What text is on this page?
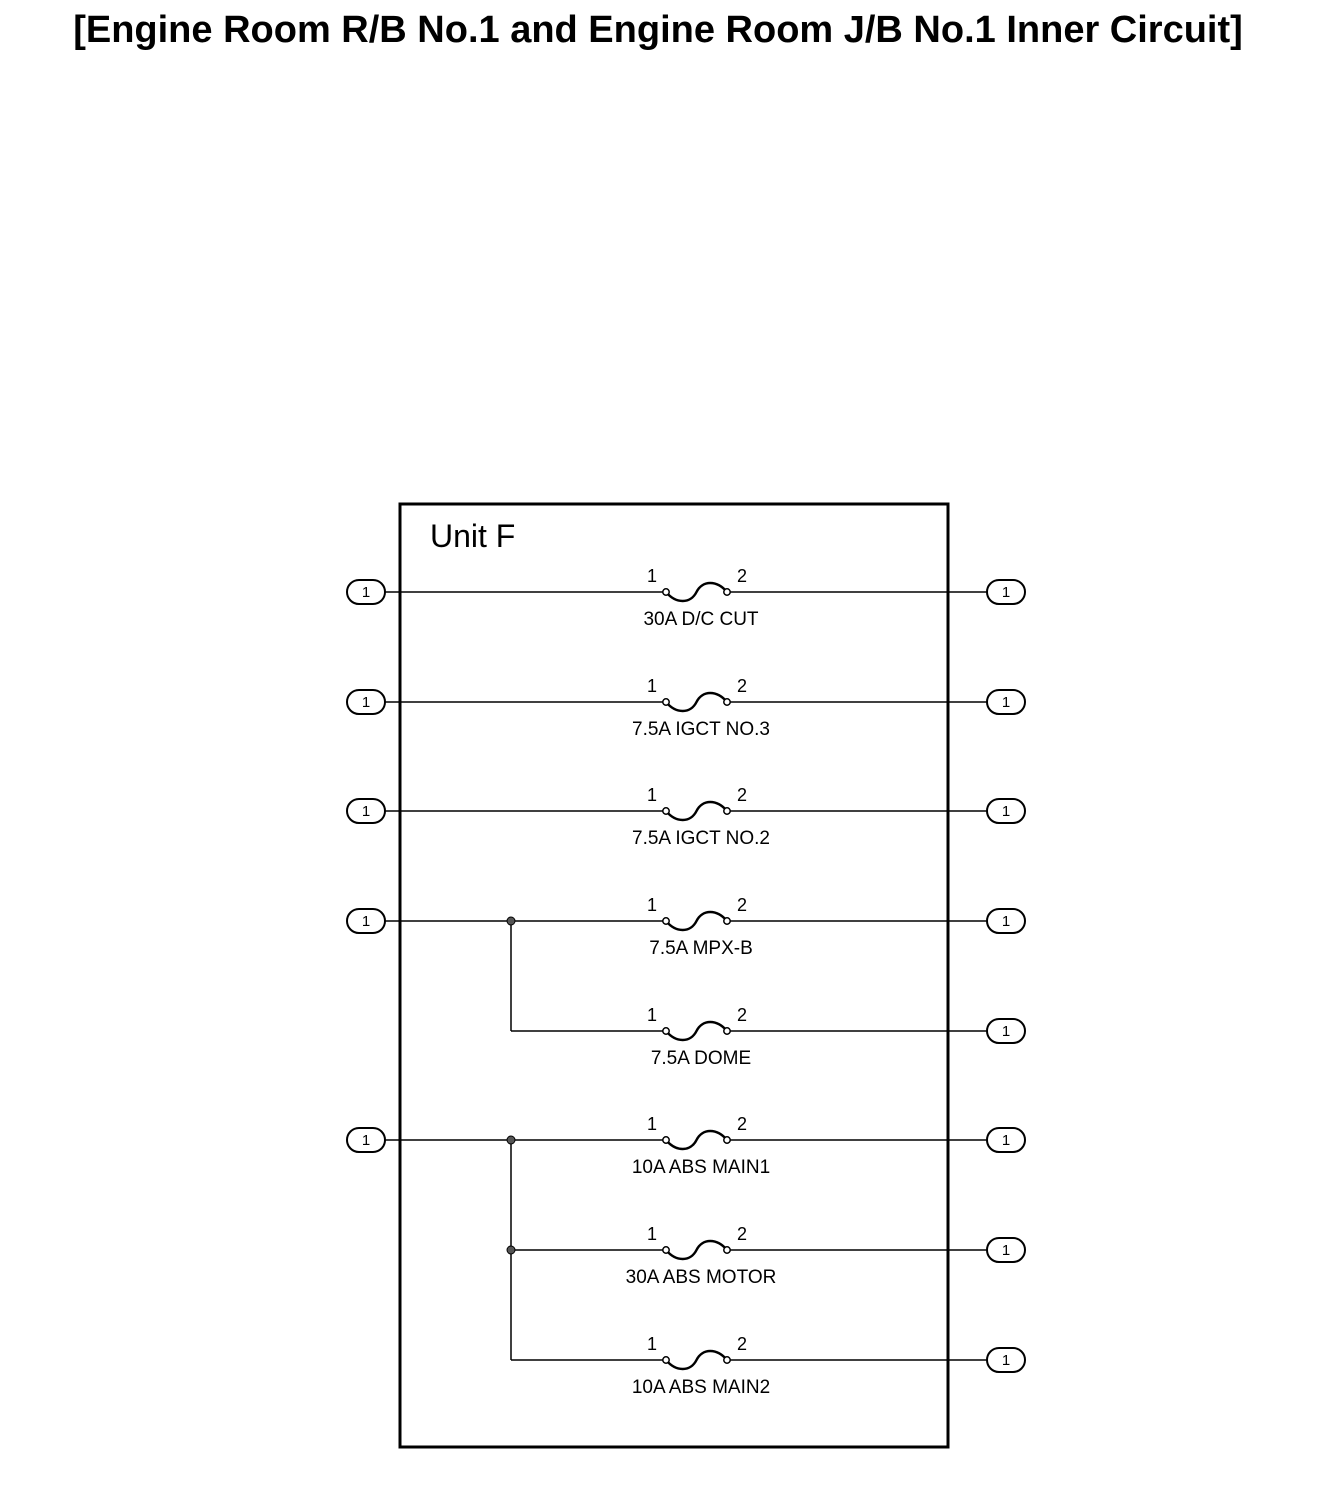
[Engine Room R/B No.1 and Engine Room J/B No.1 Inner Circuit]
Unit F
1	2
30A D/C CUT
1	1
1	2
7.5A IGCT NO.3
1	1
1	2
7.5A IGCT NO.2
1	1
1	2
7.5A MPX-B
1	1
1	2
7.5A DOME
1
1	2
10A ABS MAIN1
1	1
1	2
30A ABS MOTOR
1
1	2
10A ABS MAIN2
1
